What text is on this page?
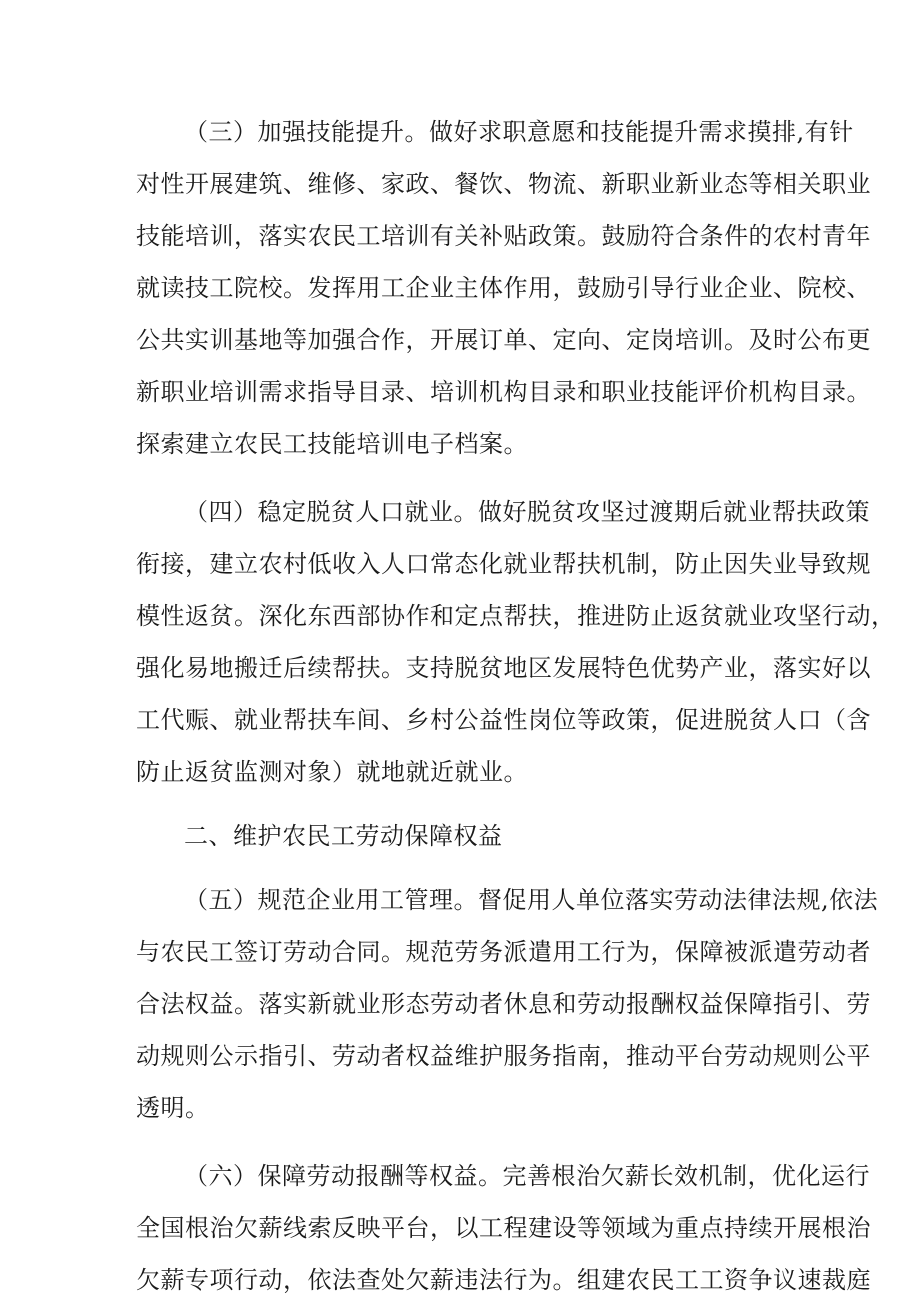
（三）加强技能提升。做好求职意愿和技能提升需求摸排,有针
对性开展建筑、维修、家政、餐饮、物流、新职业新业态等相关职业
技能培训，落实农民工培训有关补贴政策。鼓励符合条件的农村青年
就读技工院校。发挥用工企业主体作用，鼓励引导行业企业、院校、
公共实训基地等加强合作，开展订单、定向、定岗培训。及时公布更
新职业培训需求指导目录、培训机构目录和职业技能评价机构目录。
探索建立农民工技能培训电子档案。
（四）稳定脱贫人口就业。做好脱贫攻坚过渡期后就业帮扶政策
衔接，建立农村低收入人口常态化就业帮扶机制，防止因失业导致规
模性返贫。深化东西部协作和定点帮扶，推进防止返贫就业攻坚行动，
强化易地搬迁后续帮扶。支持脱贫地区发展特色优势产业，落实好以
工代赈、就业帮扶车间、乡村公益性岗位等政策，促进脱贫人口（含
防止返贫监测对象）就地就近就业。
二、维护农民工劳动保障权益
（五）规范企业用工管理。督促用人单位落实劳动法律法规,依法
与农民工签订劳动合同。规范劳务派遣用工行为，保障被派遣劳动者
合法权益。落实新就业形态劳动者休息和劳动报酬权益保障指引、劳
动规则公示指引、劳动者权益维护服务指南，推动平台劳动规则公平
透明。
（六）保障劳动报酬等权益。完善根治欠薪长效机制，优化运行
全国根治欠薪线索反映平台，以工程建设等领域为重点持续开展根治
欠薪专项行动，依法查处欠薪违法行为。组建农民工工资争议速裁庭
